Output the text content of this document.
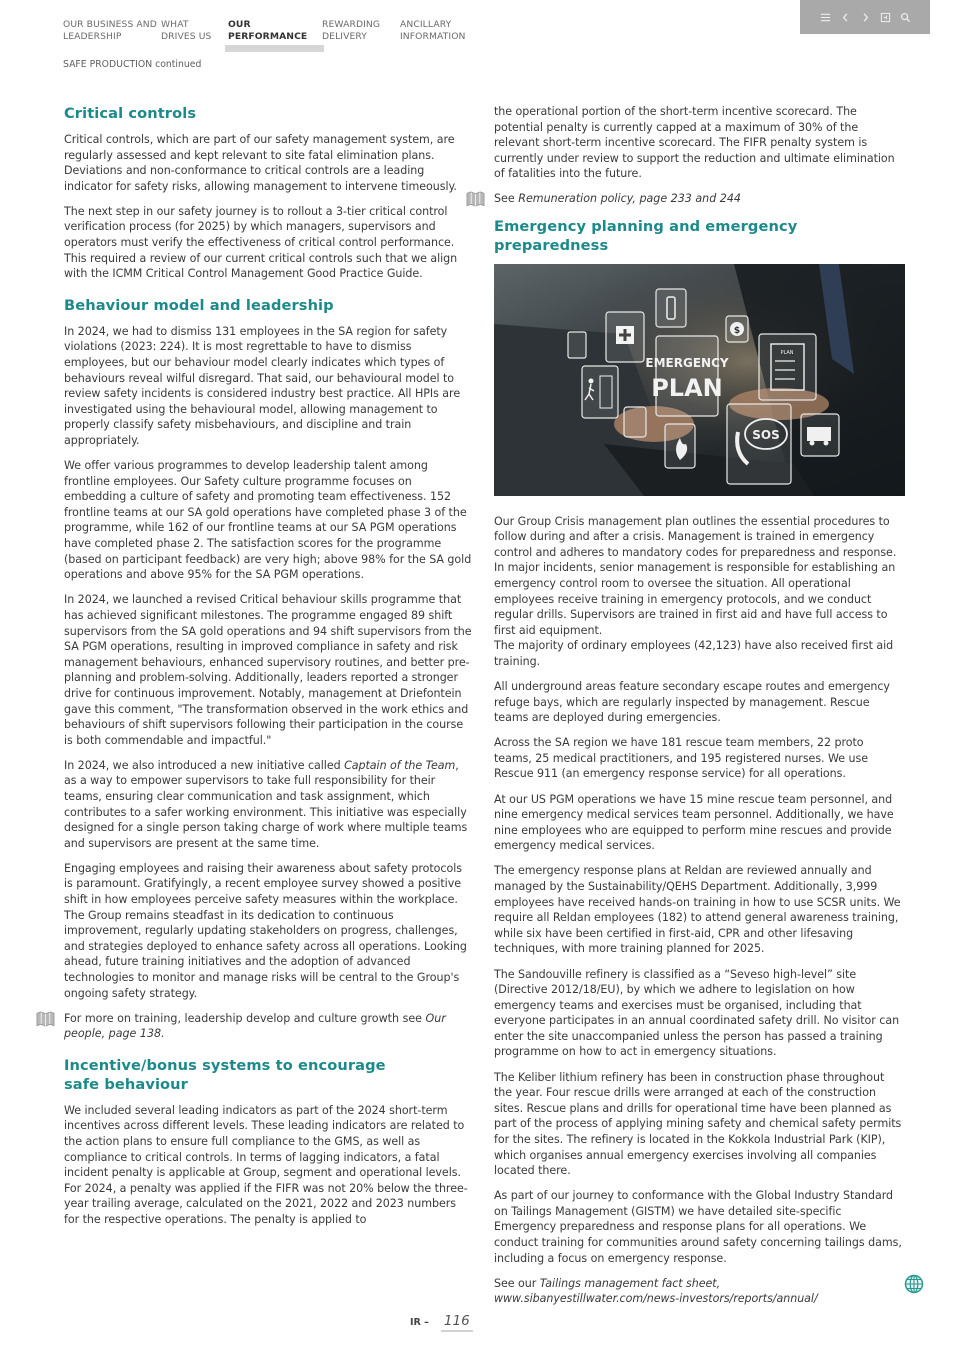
OUR BUSINESS AND
LEADERSHIP
WHAT
DRIVES US
OUR
PERFORMANCE
REWARDING
DELIVERY
ANCILLARY
INFORMATION
SAFE PRODUCTION continued
Critical controls

Critical controls, which are part of our safety management system, are regularly assessed and kept relevant to site fatal elimination plans. Deviations and non-conformance to critical controls are a leading indicator for safety risks, allowing management to intervene timeously.

The next step in our safety journey is to rollout a 3-tier critical control verification process (for 2025) by which managers, supervisors and operators must verify the effectiveness of critical control performance. This required a review of our current critical controls such that we align with the ICMM Critical Control Management Good Practice Guide.

Behaviour model and leadership

In 2024, we had to dismiss 131 employees in the SA region for safety violations (2023: 224). It is most regrettable to have to dismiss employees, but our behaviour model clearly indicates which types of behaviours reveal wilful disregard. That said, our behavioural model to review safety incidents is considered industry best practice. All HPIs are investigated using the behavioural model, allowing management to properly classify safety misbehaviours, and discipline and train appropriately.

We offer various programmes to develop leadership talent among frontline employees. Our Safety culture programme focuses on embedding a culture of safety and promoting team effectiveness. 152 frontline teams at our SA gold operations have completed phase 3 of the programme, while 162 of our frontline teams at our SA PGM operations have completed phase 2. The satisfaction scores for the programme (based on participant feedback) are very high; above 98% for the SA gold operations and above 95% for the SA PGM operations.

In 2024, we launched a revised Critical behaviour skills programme that has achieved significant milestones. The programme engaged 89 shift supervisors from the SA gold operations and 94 shift supervisors from the SA PGM operations, resulting in improved compliance in safety and risk management behaviours, enhanced supervisory routines, and better pre-planning and problem-solving. Additionally, leaders reported a stronger drive for continuous improvement. Notably, management at Driefontein gave this comment, "The transformation observed in the work ethics and behaviours of shift supervisors following their participation in the course is both commendable and impactful."

In 2024, we also introduced a new initiative called Captain of the Team, as a way to empower supervisors to take full responsibility for their teams, ensuring clear communication and task assignment, which contributes to a safer working environment. This initiative was especially designed for a single person taking charge of work where multiple teams and supervisors are present at the same time.

Engaging employees and raising their awareness about safety protocols is paramount. Gratifyingly, a recent employee survey showed a positive shift in how employees perceive safety measures within the workplace. The Group remains steadfast in its dedication to continuous improvement, regularly updating stakeholders on progress, challenges, and strategies deployed to enhance safety across all operations. Looking ahead, future training initiatives and the adoption of advanced technologies to monitor and manage risks will be central to the Group's ongoing safety strategy.

For more on training, leadership develop and culture growth see Our people, page 138.
Incentive/bonus systems to encourage safe behaviour

We included several leading indicators as part of the 2024 short-term incentives across different levels. These leading indicators are related to the action plans to ensure full compliance to the GMS, as well as compliance to critical controls. In terms of lagging indicators, a fatal incident penalty is applicable at Group, segment and operational levels. For 2024, a penalty was applied if the FIFR was not 20% below the three-year trailing average, calculated on the 2021, 2022 and 2023 numbers for the respective operations. The penalty is applied to

the operational portion of the short-term incentive scorecard. The potential penalty is currently capped at a maximum of 30% of the relevant short-term incentive scorecard. The FIFR penalty system is currently under review to support the reduction and ultimate elimination of fatalities into the future.

See Remuneration policy, page 233 and 244
Emergency planning and emergency preparedness
EMERGENCY
PLAN
$
PLAN
SOS

Our Group Crisis management plan outlines the essential procedures to follow during and after a crisis. Management is trained in emergency control and adheres to mandatory codes for preparedness and response. In major incidents, senior management is responsible for establishing an emergency control room to oversee the situation. All operational employees receive training in emergency protocols, and we conduct regular drills. Supervisors are trained in first aid and have full access to first aid equipment.
The majority of ordinary employees (42,123) have also received first aid training.

All underground areas feature secondary escape routes and emergency refuge bays, which are regularly inspected by management. Rescue teams are deployed during emergencies.

Across the SA region we have 181 rescue team members, 22 proto teams, 25 medical practitioners, and 195 registered nurses. We use Rescue 911 (an emergency response service) for all operations.

At our US PGM operations we have 15 mine rescue team personnel, and nine emergency medical services team personnel. Additionally, we have nine employees who are equipped to perform mine rescues and provide emergency medical services.

The emergency response plans at Reldan are reviewed annually and managed by the Sustainability/QEHS Department. Additionally, 3,999 employees have received hands-on training in how to use SCSR units. We require all Reldan employees (182) to attend general awareness training, while six have been certified in first-aid, CPR and other lifesaving techniques, with more training planned for 2025.

The Sandouville refinery is classified as a “Seveso high-level” site (Directive 2012/18/EU), by which we adhere to legislation on how emergency teams and exercises must be organised, including that everyone participates in an annual coordinated safety drill. No visitor can enter the site unaccompanied unless the person has passed a training programme on how to act in emergency situations.

The Keliber lithium refinery has been in construction phase throughout the year. Four rescue drills were arranged at each of the construction sites. Rescue plans and drills for operational time have been planned as part of the process of applying mining safety and chemical safety permits for the sites. The refinery is located in the Kokkola Industrial Park (KIP), which organises annual emergency exercises involving all companies located there.

As part of our journey to conformance with the Global Industry Standard on Tailings Management (GISTM) we have detailed site-specific Emergency preparedness and response plans for all operations. We conduct training for communities around safety concerning tailings dams, including a focus on emergency response.

See our Tailings management fact sheet,
www.sibanyestillwater.com/news-investors/reports/annual/

IR – 116
